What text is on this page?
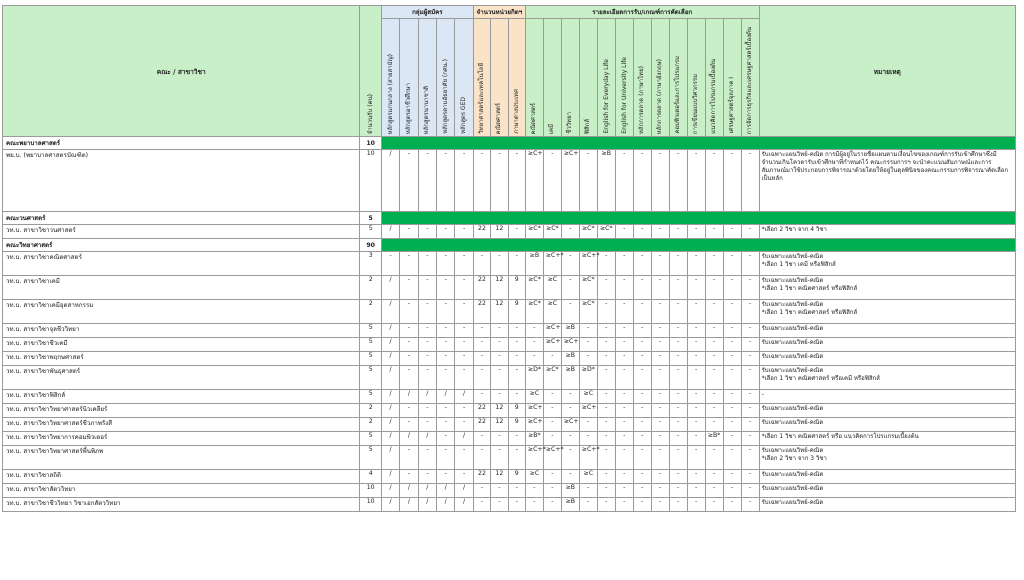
คณะ / สาขาวิชา	จำนวนรับ (คน)	กลุ่มผู้สมัคร					จำนวนหน่วยกิตฯ			รายละเอียดการรับ/เกณฑ์การคัดเลือก													หมายเหตุ

		หลักสูตรแกนกลาง (สายสามัญ)	หลักสูตรอาชีวศึกษา	หลักสูตรนานาชาติ	หลักสูตรตามอัธยาศัย (กศน.)	หลักสูตร GED	วิทยาศาสตร์และเทคโนโลยี	คณิตศาสตร์	ภาษาต่างประเทศ	คณิตศาสตร์	เคมี	ชีววิทยา	ฟิสิกส์	English for Everyday Life	English for University Life	หลักการตลาด (ภาษาไทย)	หลักการตลาด (ภาษาอังกฤษ)	คอมพิวเตอร์และการโปรแกรม	การเขียนแบบวิศวกรรม	แนวคิดการโปรแกรมเบื้องต้น	เศรษฐศาสตร์จุลภาค I	การจัดการธุรกิจและเศรษฐศาสตร์เบื้องต้น	

คณะพยาบาลศาสตร์	10																						
พย.บ. (พยาบาลศาสตรบัณฑิต)	10	/	-	-	-	-	-	-	-	≥C+	-	≥C+	-	≥B	-	-	-	-	-	-	-	-	รับเฉพาะแผนวิทย์-คณิต การมีผู้อยู่ในรายชื่อแผนตามเงื่อนไขของเกณฑ์การรับเข้าศึกษาซึ่งมีจำนวนเกินโควตารับเข้าศึกษาที่กำหนดไว้ คณะกรรมการฯ จะนำคะแนนสัมภาษณ์และการสัมภาษณ์มาใช้ประกอบการพิจารณาด้วยโดยให้อยู่ในดุลพินิจของคณะกรรมการพิจารณาคัดเลือกเป็นหลัก
คณะวนศาสตร์	5																						
วท.บ. สาขาวิชาวนศาสตร์	5	/	-	-	-	-	22	12	-	≥C*	≥C*	-	≥C*	≥C*	-	-	-	-	-	-	-	-	*เลือก 2 วิชา จาก 4 วิชา
คณะวิทยาศาสตร์	90																						
วท.บ. สาขาวิชาคณิตศาสตร์	3	-	-	-	-	-	-	-	-	≥B	≥C+*	-	≥C+*	-	-	-	-	-	-	-	-	-	รับเฉพาะแผนวิทย์-คณิต
*เลือก 1 วิชา เคมี หรือฟิสิกส์
วท.บ. สาขาวิชาเคมี	2	/	-	-	-	-	22	12	9	≥C*	≥C	-	≥C*	-	-	-	-	-	-	-	-	-	รับเฉพาะแผนวิทย์-คณิต
*เลือก 1 วิชา คณิตศาสตร์ หรือฟิสิกส์
วท.บ. สาขาวิชาเคมีอุตสาหกรรม	2	/	-	-	-	-	22	12	9	≥C*	≥C	-	≥C*	-	-	-	-	-	-	-	-	-	รับเฉพาะแผนวิทย์-คณิต
*เลือก 1 วิชา คณิตศาสตร์ หรือฟิสิกส์
วท.บ. สาขาวิชาจุลชีววิทยา	5	/	-	-	-	-	-	-	-	-	≥C+	≥B	-	-	-	-	-	-	-	-	-	-	รับเฉพาะแผนวิทย์-คณิต
วท.บ. สาขาวิชาชีวเคมี	5	/	-	-	-	-	-	-	-	-	≥C+	≥C+	-	-	-	-	-	-	-	-	-	-	รับเฉพาะแผนวิทย์-คณิต
วท.บ. สาขาวิชาพฤกษศาสตร์	5	/	-	-	-	-	-	-	-	-	-	≥B	-	-	-	-	-	-	-	-	-	-	รับเฉพาะแผนวิทย์-คณิต
วท.บ. สาขาวิชาพันธุศาสตร์	5	/	-	-	-	-	-	-	-	≥D*	≥C*	≥B	≥D*	-	-	-	-	-	-	-	-	-	รับเฉพาะแผนวิทย์-คณิต
*เลือก 1 วิชา คณิตศาสตร์ หรือเคมี หรือฟิสิกส์
วท.บ. สาขาวิชาฟิสิกส์	5	/	/	/	/	/	-	-	-	≥C	-	-	≥C	-	-	-	-	-	-	-	-	-	-
วท.บ. สาขาวิชาวิทยาศาสตร์นิวเคลียร์	2	/	-	-	-	-	22	12	9	≥C+	-	-	≥C+	-	-	-	-	-	-	-	-	-	รับเฉพาะแผนวิทย์-คณิต
วท.บ. สาขาวิชาวิทยาศาสตร์ชีวภาพรังสี	2	/	-	-	-	-	22	12	9	≥C+	-	≥C+	-	-	-	-	-	-	-	-	-	-	รับเฉพาะแผนวิทย์-คณิต
วท.บ. สาขาวิชาวิทยาการคอมพิวเตอร์	5	/	/	/	-	/	-	-	-	≥B*	-	-	-	-	-	-	-	-	-	≥B*	-	-	*เลือก 1 วิชา คณิตศาสตร์ หรือ แนวคิดการโปรแกรมเบื้องต้น
วท.บ. สาขาวิชาวิทยาศาสตร์พื้นพิภพ	5	/	-	-	-	-	-	-	-	≥C+*	≥C+*	-	≥C+*	-	-	-	-	-	-	-	-	-	รับเฉพาะแผนวิทย์-คณิต
*เลือก 2 วิชา จาก 3 วิชา
วท.บ. สาขาวิชาสถิติ	4	/	-	-	-	-	22	12	9	≥C	-	-	≥C	-	-	-	-	-	-	-	-	-	รับเฉพาะแผนวิทย์-คณิต
วท.บ. สาขาวิชาสัตววิทยา	10	/	/	/	/	/	-	-	-	-	-	≥B	-	-	-	-	-	-	-	-	-	-	รับเฉพาะแผนวิทย์-คณิต
วท.บ. สาขาวิชาชีววิทยา วิชาเอกสัตววิทยา	10	/	/	/	/	/	-	-	-	-	-	≥B	-	-	-	-	-	-	-	-	-	-	รับเฉพาะแผนวิทย์-คณิต
